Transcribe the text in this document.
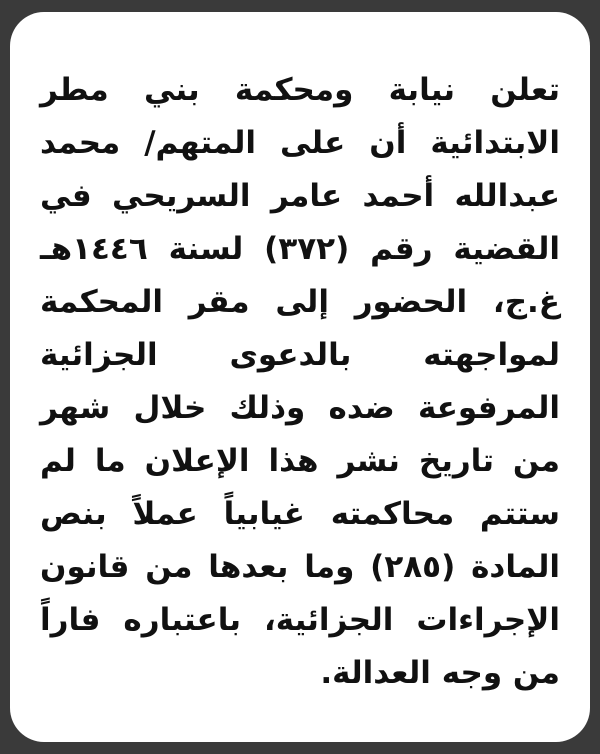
تعلن نيابة ومحكمة بني مطر
الابتدائية أن على المتهم/ محمد
عبدالله أحمد عامر السريحي في
القضية رقم (٣٧٢) لسنة ١٤٤٦هـ
غ.ج، الحضور إلى مقر المحكمة
لمواجهته بالدعوى الجزائية
المرفوعة ضده وذلك خلال شهر
من تاريخ نشر هذا الإعلان ما لم
ستتم محاكمته غيابياً عملاً بنص
المادة (٢٨٥) وما بعدها من قانون
الإجراءات الجزائية، باعتباره فاراً
من وجه العدالة.
